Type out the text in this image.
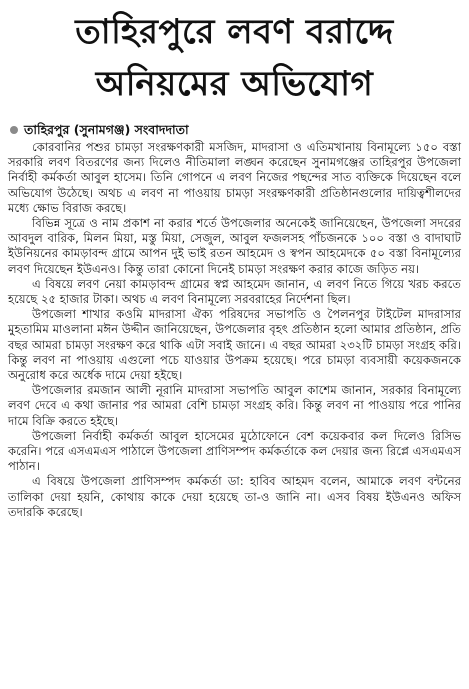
তাহিরপুরে লবণ বরাদ্দে
অনিয়মের অভিযোগ
তাহিরপুর (সুনামগঞ্জ) সংবাদদাতা

কোরবানির পশুর চামড়া সংরক্ষণকারী মসজিদ, মাদরাসা ও এতিমখানায় বিনামূল্যে ১৫০ বস্তা সরকারি লবণ বিতরণের জন্য দিলেও নীতিমালা লঙ্ঘন করেছেন সুনামগঞ্জের তাহিরপুর উপজেলা নির্বাহী কর্মকর্তা আবুল হাসেম। তিনি গোপনে এ লবণ নিজের পছন্দের সাত ব্যক্তিকে দিয়েছেন বলে অভিযোগ উঠেছে। অথচ এ লবণ না পাওয়ায় চামড়া সংরক্ষণকারী প্রতিষ্ঠানগুলোর দায়িত্বশীলদের মধ্যে ক্ষোভ বিরাজ করছে।

বিভিন্ন সূত্রে ও নাম প্রকাশ না করার শর্তে উপজেলার অনেকেই জানিয়েছেন, উপজেলা সদরের আবদুল বারিক, মিলন মিয়া, মস্তু মিয়া, সেজুল, আবুল ফজলসহ পাঁচজনকে ১০০ বস্তা ও বাদাঘাট ইউনিয়নের কামড়াবন্দ গ্রামে আপন দুই ভাই রতন আহমেদ ও স্বপন আহমেদকে ৫০ বস্তা বিনামূল্যের লবণ দিয়েছেন ইউএনও। কিন্তু তারা কোনো দিনেই চামড়া সংরক্ষণ করার কাজে জড়িত নয়।

এ বিষয়ে লবণ নেয়া কামড়াবন্দ গ্রামের স্বপ্ন আহমেদ জানান, এ লবণ নিতে গিয়ে খরচ করতে হয়েছে ২৫ হাজার টাকা। অথচ এ লবণ বিনামূল্যে সরবরাহের নির্দেশনা ছিল।

উপজেলা শাখার কওমি মাদরাসা ঐক্য পরিষদের সভাপতি ও পৈলনপুর টাইটেল মাদরাসার মুহতামিম মাওলানা মঈন উদ্দীন জানিয়েছেন, উপজেলার বৃহৎ প্রতিষ্ঠান হলো আমার প্রতিষ্ঠান, প্রতি বছর আমরা চামড়া সংরক্ষণ করে থাকি এটা সবাই জানে। এ বছর আমরা ২৩২টি চামড়া সংগ্রহ করি। কিন্তু লবণ না পাওয়ায় এগুলো পচে যাওয়ার উপক্রম হয়েছে। পরে চামড়া ব্যবসায়ী কয়েকজনকে অনুরোধ করে অর্ধেক দামে দেয়া হইছে।

উপজেলার রমজান আলী নূরানি মাদরাসা সভাপতি আবুল কাশেম জানান, সরকার বিনামূল্যে লবণ দেবে এ কথা জানার পর আমরা বেশি চামড়া সংগ্রহ করি। কিন্তু লবণ না পাওয়ায় পরে পানির দামে বিক্রি করতে হইছে।

উপজেলা নির্বাহী কর্মকর্তা আবুল হাসেমের মুঠোফোনে বেশ কয়েকবার কল দিলেও রিসিভ করেনি। পরে এসএমএস পাঠালে উপজেলা প্রাণিসম্পদ কর্মকর্তাকে কল দেয়ার জন্য রিপ্লে এসএমএস পাঠান।

এ বিষয়ে উপজেলা প্রাণিসম্পদ কর্মকর্তা ডা: হাবিব আহমদ বলেন, আমাকে লবণ বন্টনের তালিকা দেয়া হয়নি, কোথায় কাকে দেয়া হয়েছে তা-ও জানি না। এসব বিষয় ইউএনও অফিস তদারকি করেছে।
